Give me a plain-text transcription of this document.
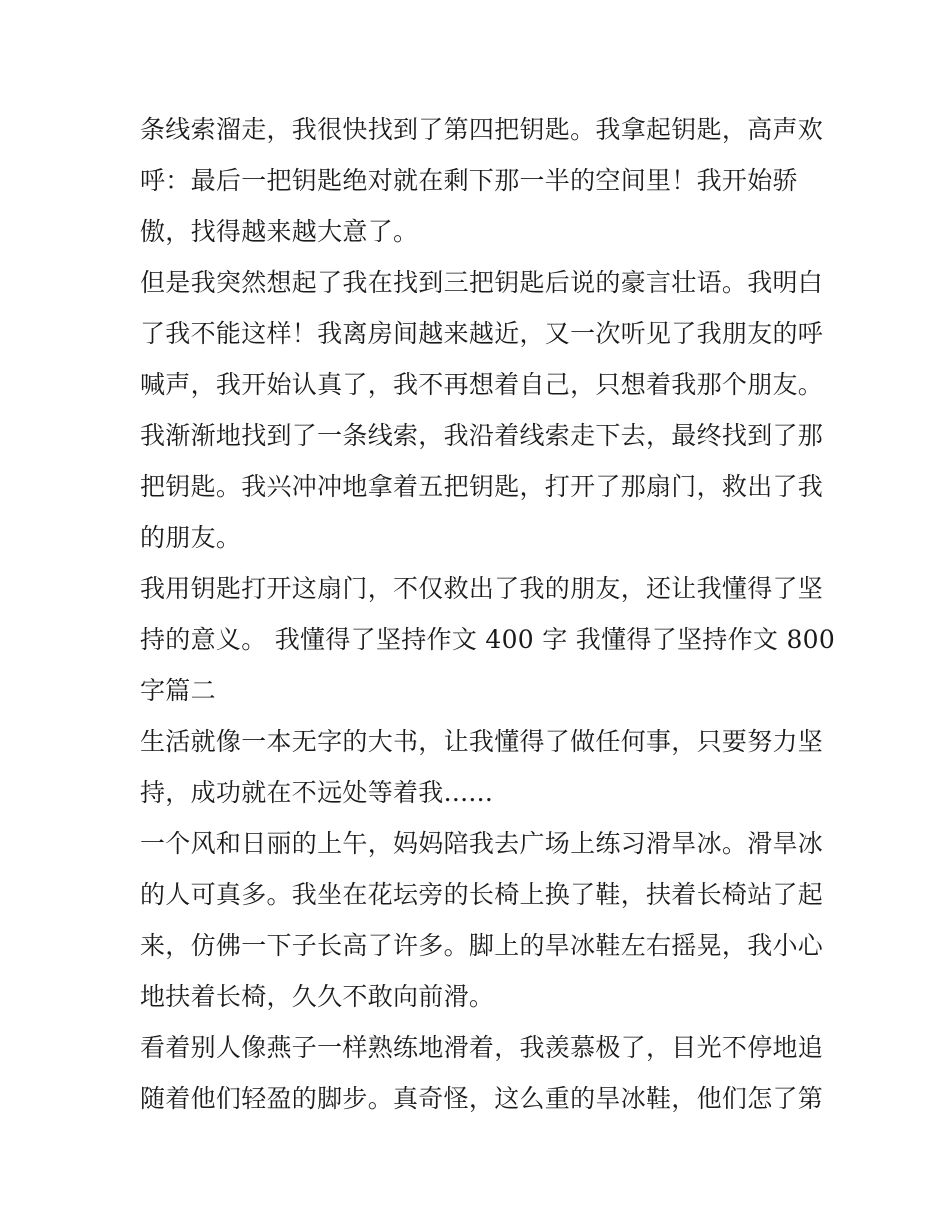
条线索溜走，我很快找到了第四把钥匙。我拿起钥匙，高声欢
呼：最后一把钥匙绝对就在剩下那一半的空间里！我开始骄
傲，找得越来越大意了。

但是我突然想起了我在找到三把钥匙后说的豪言壮语。我明白
了我不能这样！我离房间越来越近，又一次听见了我朋友的呼
喊声，我开始认真了，我不再想着自己，只想着我那个朋友。
我渐渐地找到了一条线索，我沿着线索走下去，最终找到了那
把钥匙。我兴冲冲地拿着五把钥匙，打开了那扇门，救出了我
的朋友。

我用钥匙打开这扇门，不仅救出了我的朋友，还让我懂得了坚
持的意义。 我懂得了坚持作文 400 字 我懂得了坚持作文 800
字篇二

生活就像一本无字的大书，让我懂得了做任何事，只要努力坚
持，成功就在不远处等着我......

一个风和日丽的上午，妈妈陪我去广场上练习滑旱冰。滑旱冰
的人可真多。我坐在花坛旁的长椅上换了鞋，扶着长椅站了起
来，仿佛一下子长高了许多。脚上的旱冰鞋左右摇晃，我小心
地扶着长椅，久久不敢向前滑。

看着别人像燕子一样熟练地滑着，我羡慕极了，目光不停地追
随着他们轻盈的脚步。真奇怪，这么重的旱冰鞋，他们怎了第
